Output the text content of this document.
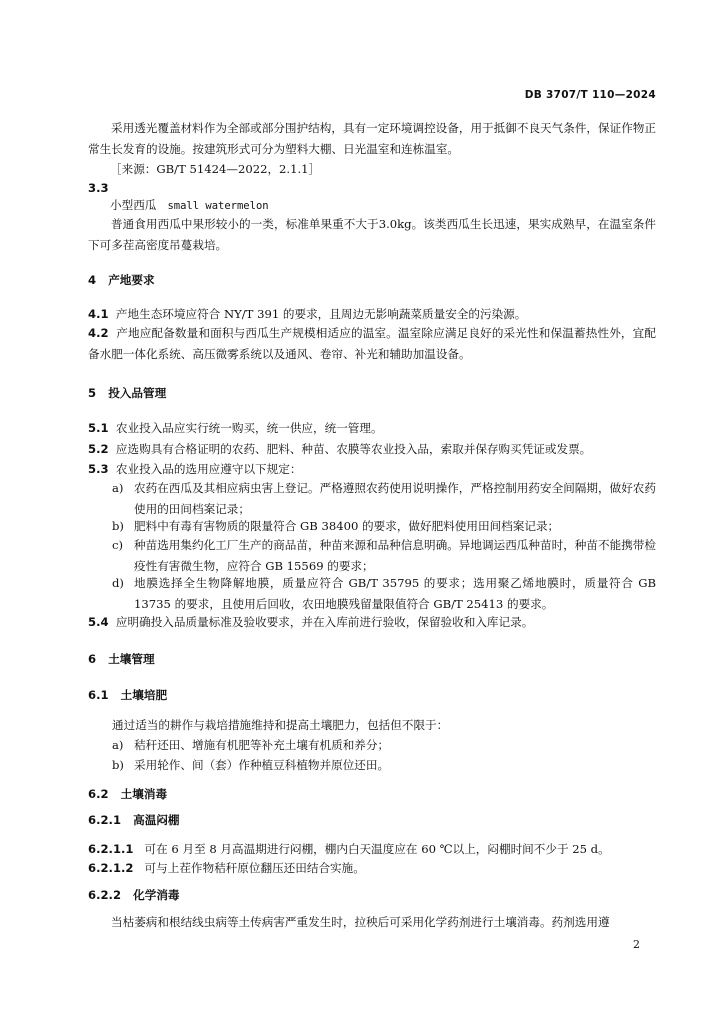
DB 3707/T 110—2024
采用透光覆盖材料作为全部或部分围护结构，具有一定环境调控设备，用于抵御不良天气条件，保证作物正常生长发育的设施。按建筑形式可分为塑料大棚、日光温室和连栋温室。
［来源：GB/T 51424—2022，2.1.1］
3.3
小型西瓜 small watermelon
普通食用西瓜中果形较小的一类，标准单果重不大于3.0kg。该类西瓜生长迅速，果实成熟早，在温室条件下可多茬高密度吊蔓栽培。
4 产地要求
4.1 产地生态环境应符合 NY/T 391 的要求，且周边无影响蔬菜质量安全的污染源。
4.2 产地应配备数量和面积与西瓜生产规模相适应的温室。温室除应满足良好的采光性和保温蓄热性外，宜配备水肥一体化系统、高压微雾系统以及通风、卷帘、补光和辅助加温设备。
5 投入品管理
5.1 农业投入品应实行统一购买，统一供应，统一管理。
5.2 应选购具有合格证明的农药、肥料、种苗、农膜等农业投入品，索取并保存购买凭证或发票。
5.3 农业投入品的选用应遵守以下规定：
a) 农药在西瓜及其相应病虫害上登记。严格遵照农药使用说明操作，严格控制用药安全间隔期，做好农药使用的田间档案记录；
b) 肥料中有毒有害物质的限量符合 GB 38400 的要求，做好肥料使用田间档案记录；
c) 种苗选用集约化工厂生产的商品苗，种苗来源和品种信息明确。异地调运西瓜种苗时，种苗不能携带检疫性有害微生物，应符合 GB 15569 的要求；
d) 地膜选择全生物降解地膜，质量应符合 GB/T 35795 的要求；选用聚乙烯地膜时，质量符合 GB 13735 的要求，且使用后回收，农田地膜残留量限值符合 GB/T 25413 的要求。
5.4 应明确投入品质量标准及验收要求，并在入库前进行验收，保留验收和入库记录。
6 土壤管理
6.1 土壤培肥
通过适当的耕作与栽培措施维持和提高土壤肥力，包括但不限于：
a) 秸秆还田、增施有机肥等补充土壤有机质和养分；
b) 采用轮作、间（套）作种植豆科植物并原位还田。
6.2 土壤消毒
6.2.1 高温闷棚
6.2.1.1 可在 6 月至 8 月高温期进行闷棚，棚内白天温度应在 60 ℃以上，闷棚时间不少于 25 d。
6.2.1.2 可与上茬作物秸秆原位翻压还田结合实施。
6.2.2 化学消毒
当枯萎病和根结线虫病等土传病害严重发生时，拉秧后可采用化学药剂进行土壤消毒。药剂选用遵
2
